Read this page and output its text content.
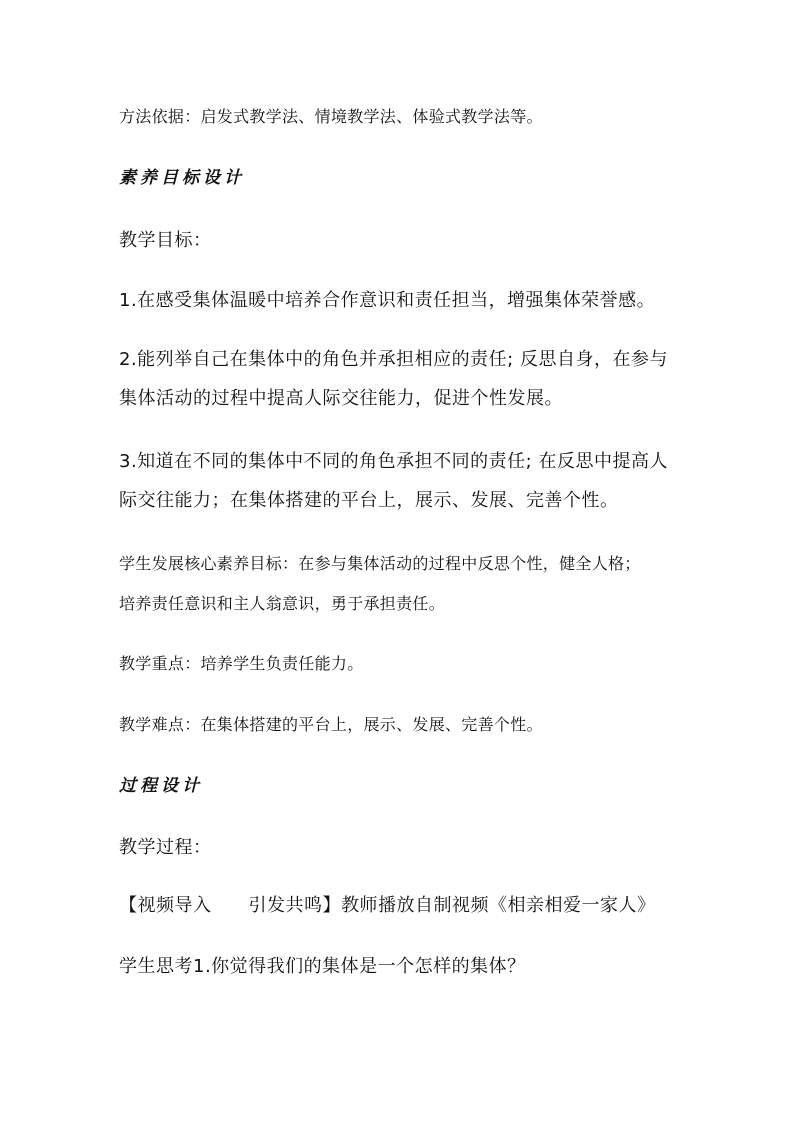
方法依据：启发式教学法、情境教学法、体验式教学法等。
素养目标设计
教学目标：
1.在感受集体温暖中培养合作意识和责任担当，增强集体荣誉感。
2.能列举自己在集体中的角色并承担相应的责任; 反思自身，在参与
集体活动的过程中提高人际交往能力，促进个性发展。
3.知道在不同的集体中不同的角色承担不同的责任; 在反思中提高人
际交往能力；在集体搭建的平台上，展示、发展、完善个性。
学生发展核心素养目标：在参与集体活动的过程中反思个性，健全人格；
培养责任意识和主人翁意识，勇于承担责任。
教学重点：培养学生负责任能力。
教学难点：在集体搭建的平台上，展示、发展、完善个性。
过程设计
教学过程：
【视频导入　　引发共鸣】教师播放自制视频《相亲相爱一家人》
学生思考1.你觉得我们的集体是一个怎样的集体？
